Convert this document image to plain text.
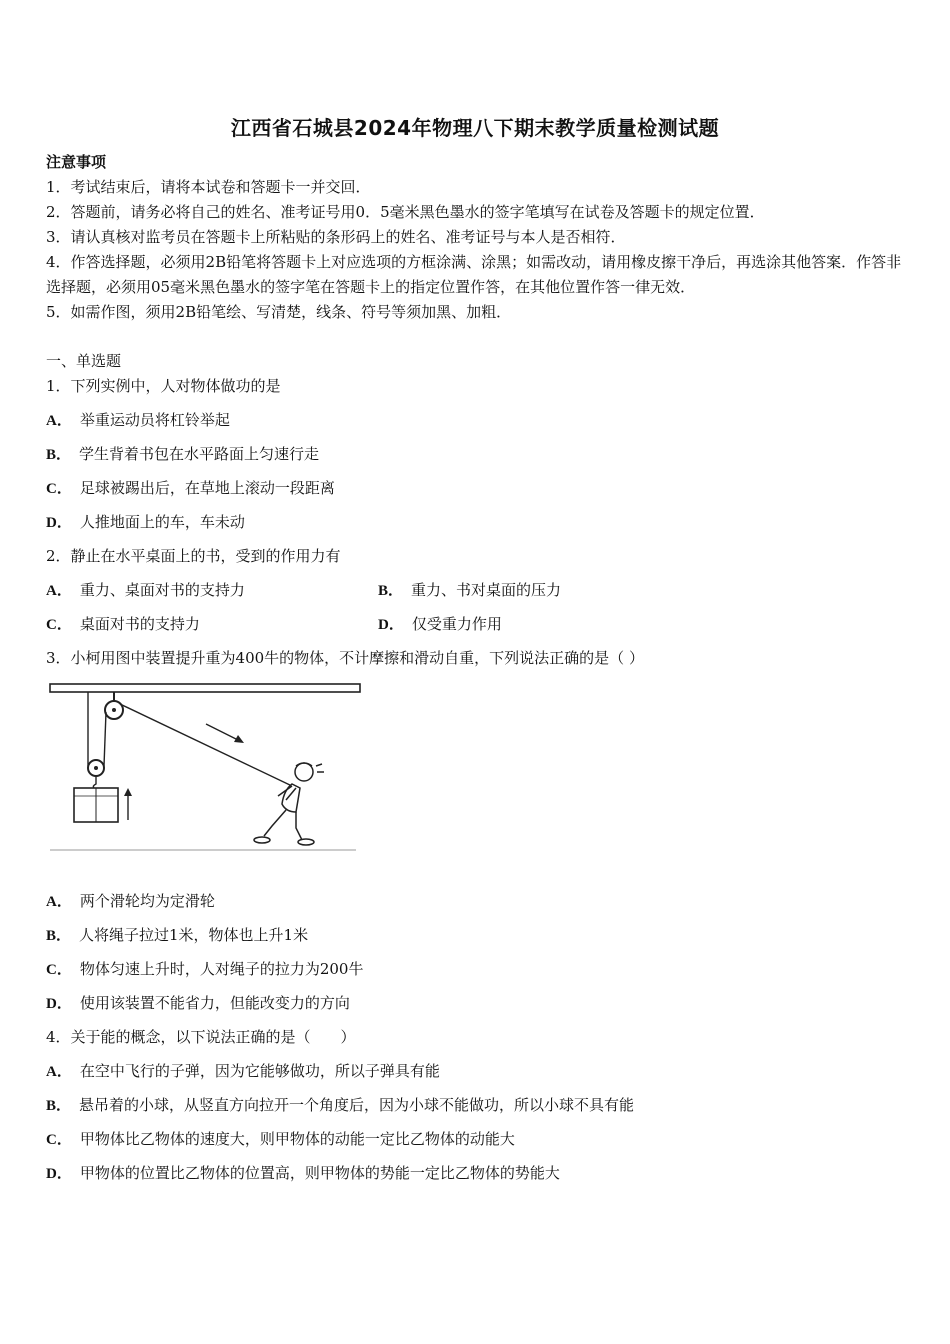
江西省石城县2024年物理八下期末教学质量检测试题
注意事项
1．考试结束后，请将本试卷和答题卡一并交回．
2．答题前，请务必将自己的姓名、准考证号用0．5毫米黑色墨水的签字笔填写在试卷及答题卡的规定位置．
3．请认真核对监考员在答题卡上所粘贴的条形码上的姓名、准考证号与本人是否相符．
4．作答选择题，必须用2B铅笔将答题卡上对应选项的方框涂满、涂黑；如需改动，请用橡皮擦干净后，再选涂其他答案．作答非选择题，必须用05毫米黑色墨水的签字笔在答题卡上的指定位置作答，在其他位置作答一律无效．
5．如需作图，须用2B铅笔绘、写清楚，线条、符号等须加黑、加粗．
一、单选题
1．下列实例中，人对物体做功的是
A． 举重运动员将杠铃举起
B． 学生背着书包在水平路面上匀速行走
C． 足球被踢出后，在草地上滚动一段距离
D． 人推地面上的车，车未动
2．静止在水平桌面上的书，受到的作用力有
A． 重力、桌面对书的支持力	B． 重力、书对桌面的压力
C． 桌面对书的支持力	D． 仅受重力作用
3．小柯用图中装置提升重为400牛的物体，不计摩擦和滑动自重，下列说法正确的是（ ）
A． 两个滑轮均为定滑轮
B． 人将绳子拉过1米，物体也上升1米
C． 物体匀速上升时，人对绳子的拉力为200牛
D． 使用该装置不能省力，但能改变力的方向
4．关于能的概念，以下说法正确的是（　　）
A． 在空中飞行的子弹，因为它能够做功，所以子弹具有能
B． 悬吊着的小球，从竖直方向拉开一个角度后，因为小球不能做功，所以小球不具有能
C． 甲物体比乙物体的速度大，则甲物体的动能一定比乙物体的动能大
D． 甲物体的位置比乙物体的位置高，则甲物体的势能一定比乙物体的势能大
